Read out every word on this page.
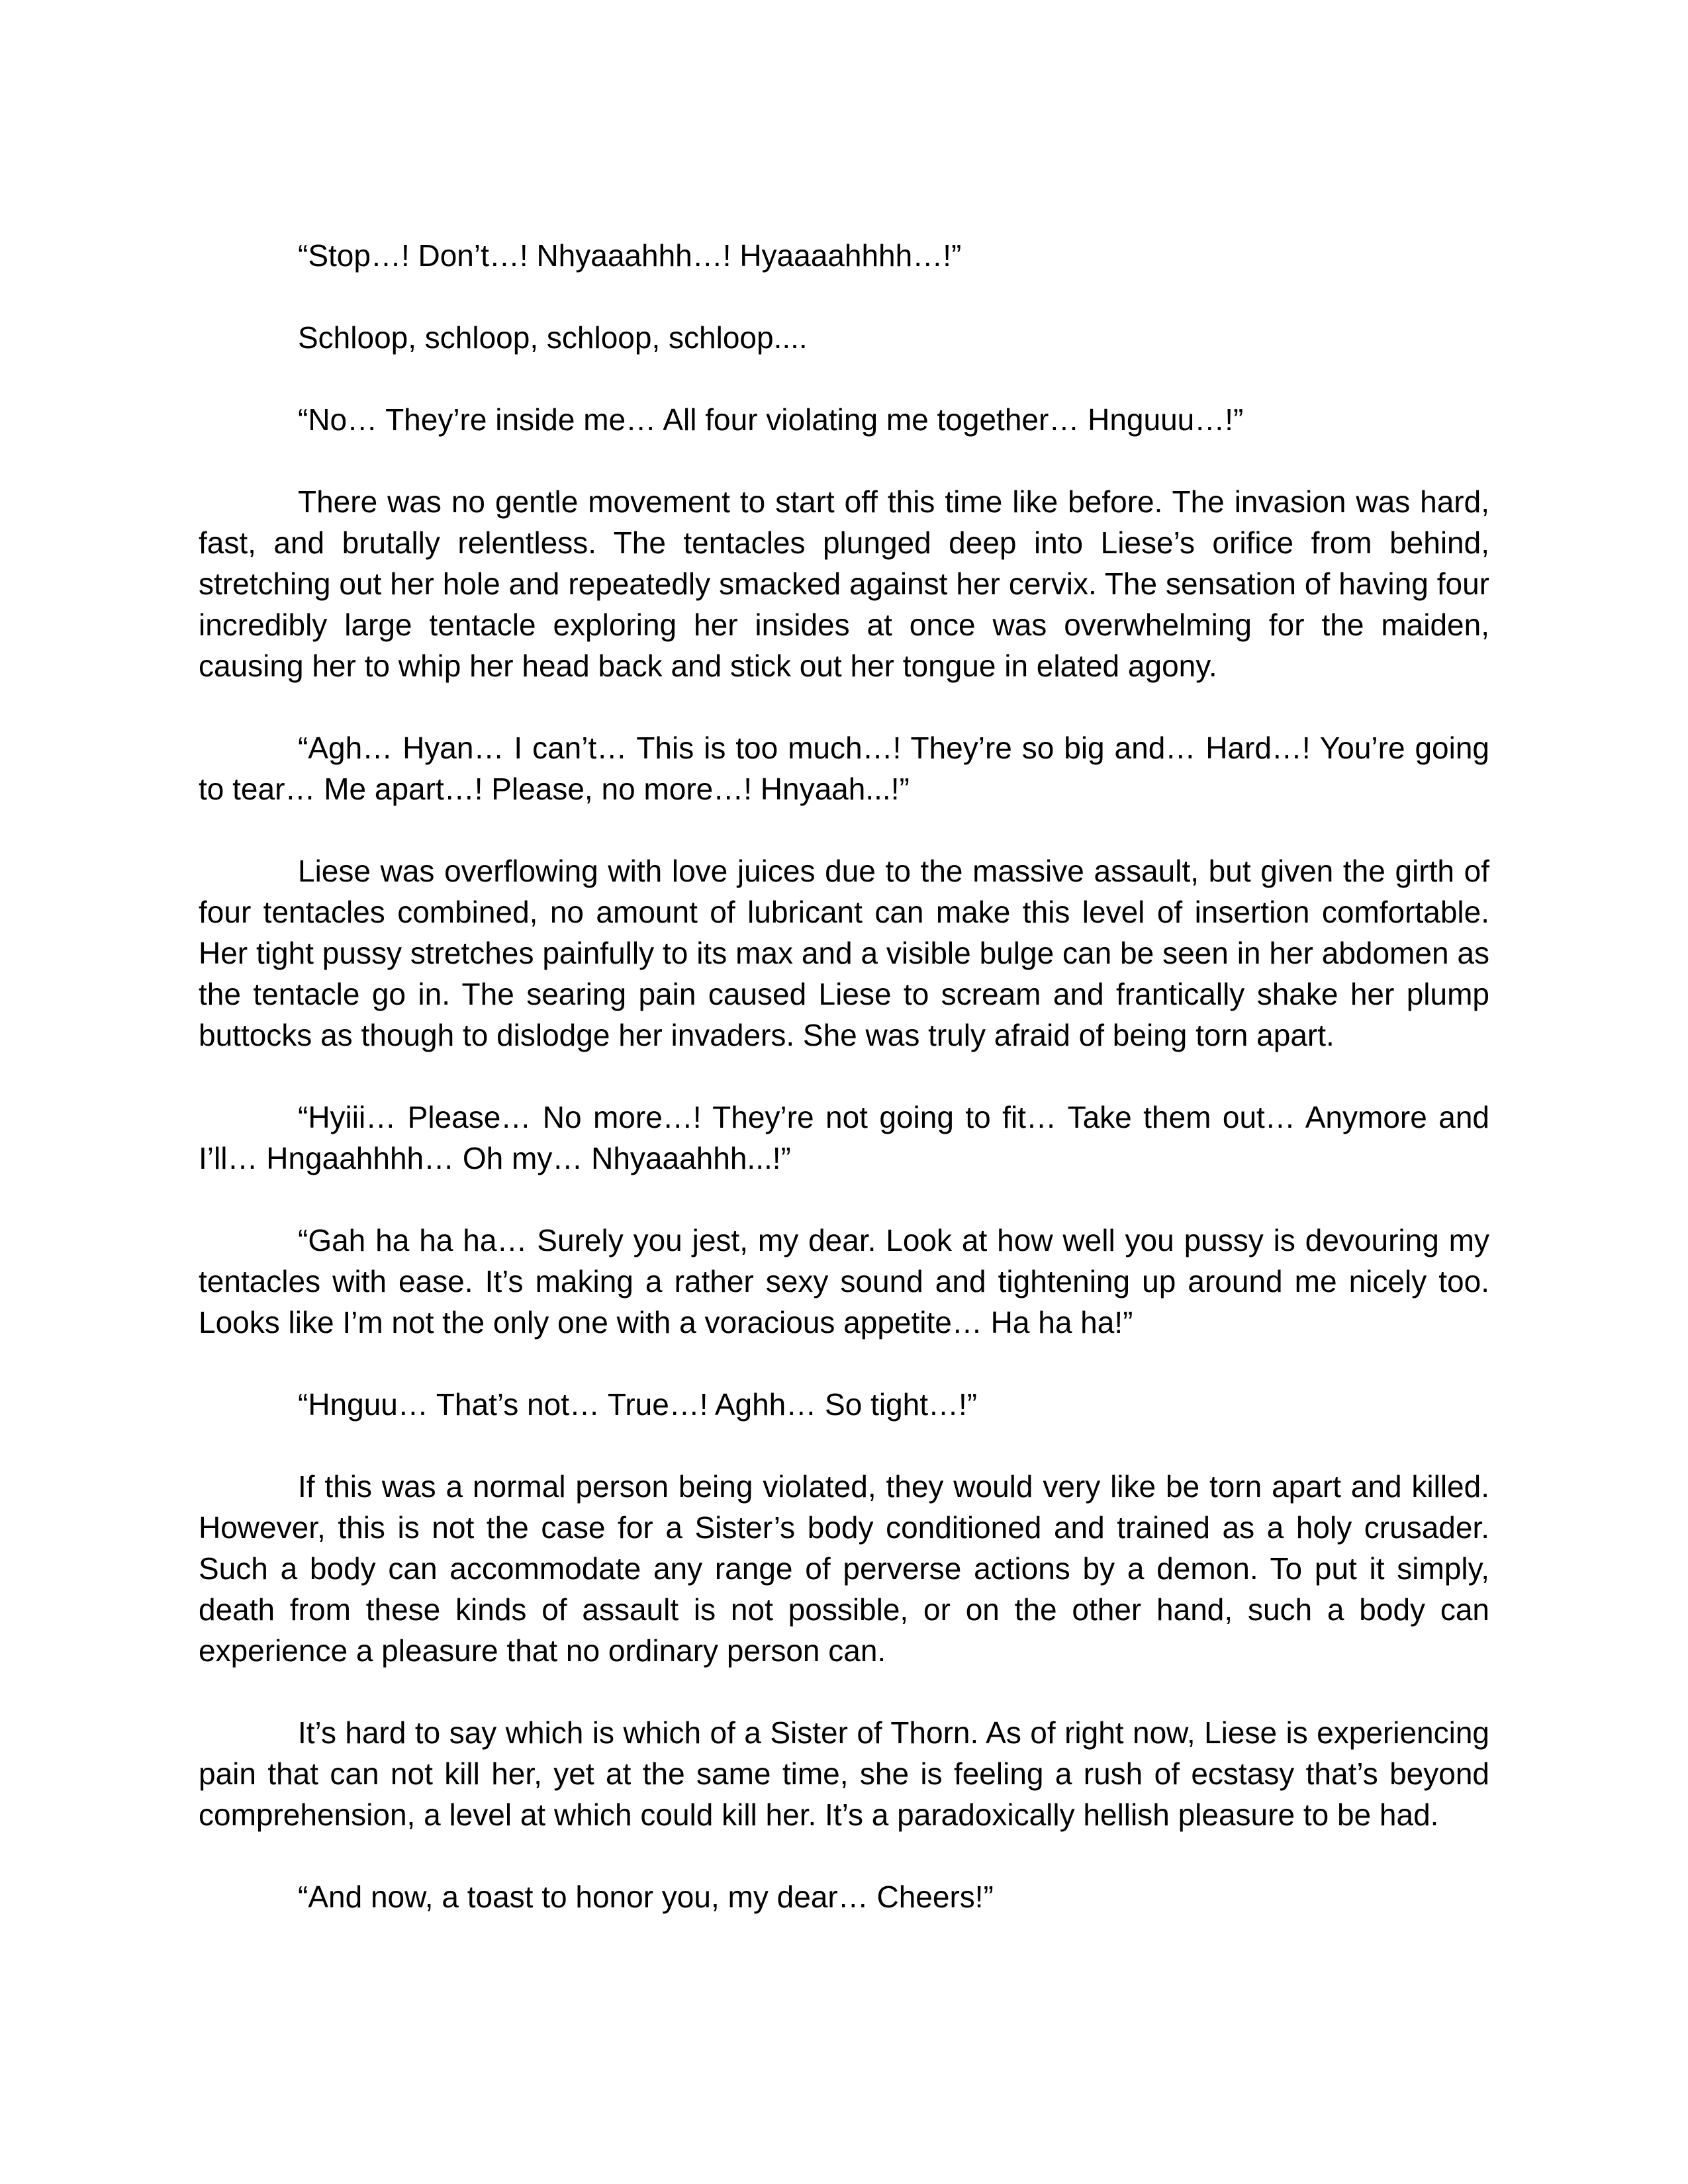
“Stop…! Don’t…! Nhyaaahhh…! Hyaaaahhhh…!”

Schloop, schloop, schloop, schloop....

“No… They’re inside me… All four violating me together… Hnguuu…!”

There was no gentle movement to start off this time like before. The invasion was hard, fast, and brutally relentless. The tentacles plunged deep into Liese’s orifice from behind, stretching out her hole and repeatedly smacked against her cervix. The sensation of having four incredibly large tentacle exploring her insides at once was overwhelming for the maiden, causing her to whip her head back and stick out her tongue in elated agony.

“Agh… Hyan… I can’t… This is too much…! They’re so big and… Hard…! You’re going to tear… Me apart…! Please, no more…! Hnyaah...!”

Liese was overflowing with love juices due to the massive assault, but given the girth of four tentacles combined, no amount of lubricant can make this level of insertion comfortable. Her tight pussy stretches painfully to its max and a visible bulge can be seen in her abdomen as the tentacle go in. The searing pain caused Liese to scream and frantically shake her plump buttocks as though to dislodge her invaders. She was truly afraid of being torn apart.

“Hyiii… Please… No more…! They’re not going to fit… Take them out… Anymore and I’ll… Hngaahhhh… Oh my… Nhyaaahhh...!”

“Gah ha ha ha… Surely you jest, my dear. Look at how well you pussy is devouring my tentacles with ease. It’s making a rather sexy sound and tightening up around me nicely too. Looks like I’m not the only one with a voracious appetite… Ha ha ha!”

“Hnguu… That’s not… True…! Aghh… So tight…!”

If this was a normal person being violated, they would very like be torn apart and killed. However, this is not the case for a Sister’s body conditioned and trained as a holy crusader. Such a body can accommodate any range of perverse actions by a demon. To put it simply, death from these kinds of assault is not possible, or on the other hand, such a body can experience a pleasure that no ordinary person can.

It’s hard to say which is which of a Sister of Thorn. As of right now, Liese is experiencing pain that can not kill her, yet at the same time, she is feeling a rush of ecstasy that’s beyond comprehension, a level at which could kill her. It’s a paradoxically hellish pleasure to be had.

“And now, a toast to honor you, my dear… Cheers!”
